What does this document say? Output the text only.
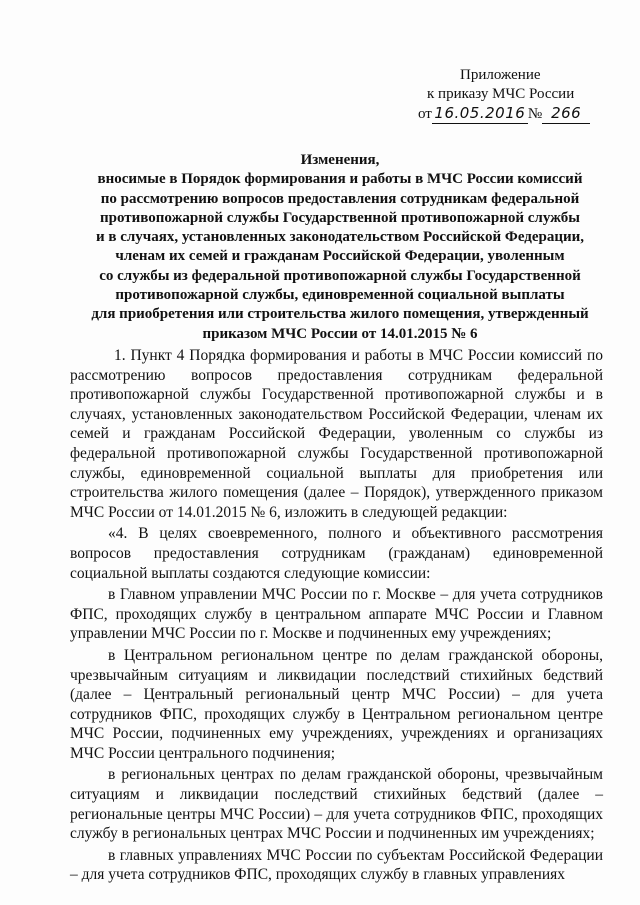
Приложение
к приказу МЧС России
от 16.05.2016 № 266
Изменения,
вносимые в Порядок формирования и работы в МЧС России комиссий
по рассмотрению вопросов предоставления сотрудникам федеральной
противопожарной службы Государственной противопожарной службы
и в случаях, установленных законодательством Российской Федерации,
членам их семей и гражданам Российской Федерации, уволенным
со службы из федеральной противопожарной службы Государственной
противопожарной службы, единовременной социальной выплаты
для приобретения или строительства жилого помещения, утвержденный
приказом МЧС России от 14.01.2015 № 6

1. Пункт 4 Порядка формирования и работы в МЧС России комиссий по рассмотрению вопросов предоставления сотрудникам федеральной противопожарной службы Государственной противопожарной службы и в случаях, установленных законодательством Российской Федерации, членам их семей и гражданам Российской Федерации, уволенным со службы из федеральной противопожарной службы Государственной противопожарной службы, единовременной социальной выплаты для приобретения или строительства жилого помещения (далее – Порядок), утвержденного приказом МЧС России от 14.01.2015 № 6, изложить в следующей редакции:

«4. В целях своевременного, полного и объективного рассмотрения вопросов предоставления сотрудникам (гражданам) единовременной социальной выплаты создаются следующие комиссии:

в Главном управлении МЧС России по г. Москве – для учета сотрудников ФПС, проходящих службу в центральном аппарате МЧС России и Главном управлении МЧС России по г. Москве и подчиненных ему учреждениях;

в Центральном региональном центре по делам гражданской обороны, чрезвычайным ситуациям и ликвидации последствий стихийных бедствий (далее – Центральный региональный центр МЧС России) – для учета сотрудников ФПС, проходящих службу в Центральном региональном центре МЧС России, подчиненных ему учреждениях, учреждениях и организациях МЧС России центрального подчинения;

в региональных центрах по делам гражданской обороны, чрезвычайным ситуациям и ликвидации последствий стихийных бедствий (далее – региональные центры МЧС России) – для учета сотрудников ФПС, проходящих службу в региональных центрах МЧС России и подчиненных им учреждениях;

в главных управлениях МЧС России по субъектам Российской Федерации – для учета сотрудников ФПС, проходящих службу в главных управлениях
